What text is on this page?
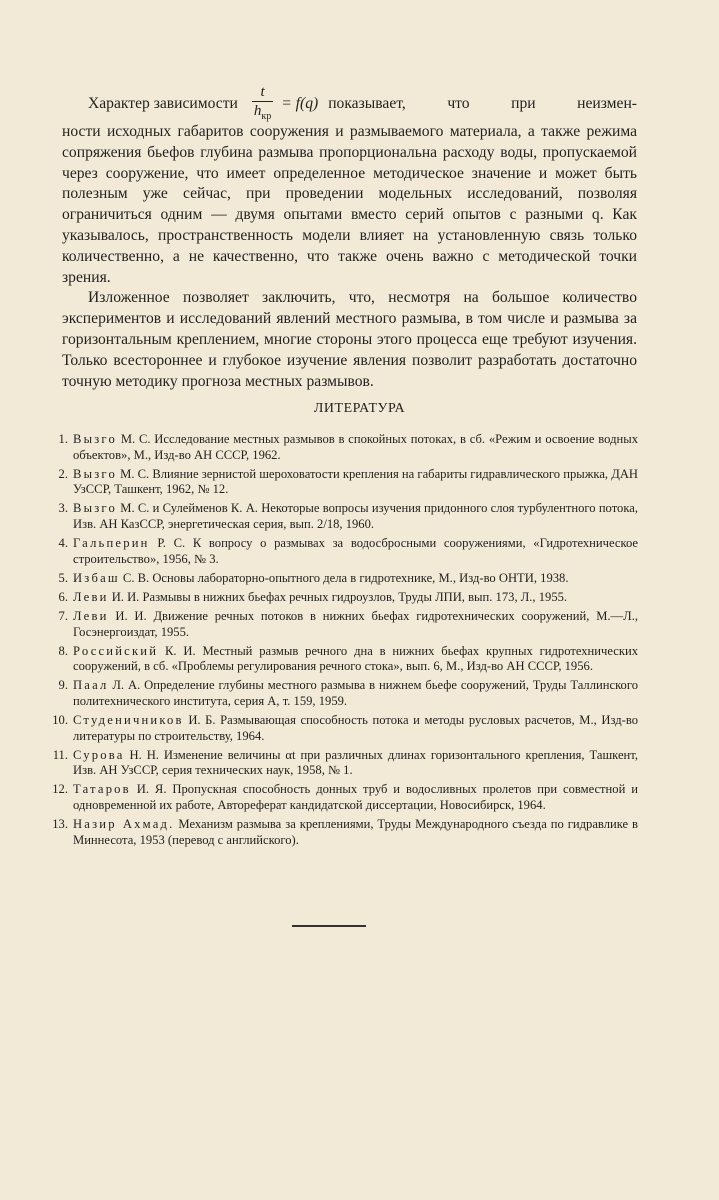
Характер зависимости $\frac{t}{h_{кр}} = f(q)$ показывает, что при неизмен-

ности исходных габаритов сооружения и размываемого материала, а также режима сопряжения бьефов глубина размыва пропорциональна расходу воды, пропускаемой через сооружение, что имеет определенное методическое значение и может быть полезным уже сейчас, при проведении модельных исследований, позволяя ограничиться одним — двумя опытами вместо серий опытов с разными q. Как указывалось, пространственность модели влияет на установленную связь только количественно, а не качественно, что также очень важно с методической точки зрения.

Изложенное позволяет заключить, что, несмотря на большое количество экспериментов и исследований явлений местного размыва, в том числе и размыва за горизонтальным креплением, многие стороны этого процесса еще требуют изучения. Только всестороннее и глубокое изучение явления позволит разработать достаточно точную методику прогноза местных размывов.

ЛИТЕРАТУРА
1. Вызго М. С. Исследование местных размывов в спокойных потоках, в сб. «Режим и освоение водных объектов», М., Изд-во АН СССР, 1962.
2. Вызго М. С. Влияние зернистой шероховатости крепления на габариты гидравлического прыжка, ДАН УзССР, Ташкент, 1962, № 12.
3. Вызго М. С. и Сулейменов К. А. Некоторые вопросы изучения придонного слоя турбулентного потока, Изв. АН КазССР, энергетическая серия, вып. 2/18, 1960.
4. Гальперин Р. С. К вопросу о размывах за водосбросными сооружениями, «Гидротехническое строительство», 1956, № 3.
5. Избаш С. В. Основы лабораторно-опытного дела в гидротехнике, М., Изд-во ОНТИ, 1938.
6. Леви И. И. Размывы в нижних бьефах речных гидроузлов, Труды ЛПИ, вып. 173, Л., 1955.
7. Леви И. И. Движение речных потоков в нижних бьефах гидротехнических сооружений, М.—Л., Госэнергоиздат, 1955.
8. Российский К. И. Местный размыв речного дна в нижних бьефах крупных гидротехнических сооружений, в сб. «Проблемы регулирования речного стока», вып. 6, М., Изд-во АН СССР, 1956.
9. Паал Л. А. Определение глубины местного размыва в нижнем бьефе сооружений, Труды Таллинского политехнического института, серия А, т. 159, 1959.
10. Студеничников И. Б. Размывающая способность потока и методы русловых расчетов, М., Изд-во литературы по строительству, 1964.
11. Сурова Н. Н. Изменение величины αt при различных длинах горизонтального крепления, Ташкент, Изв. АН УзССР, серия технических наук, 1958, № 1.
12. Татаров И. Я. Пропускная способность донных труб и водосливных пролетов при совместной и одновременной их работе, Автореферат кандидатской диссертации, Новосибирск, 1964.
13. Назир Ахмад. Механизм размыва за креплениями, Труды Международного съезда по гидравлике в Миннесота, 1953 (перевод с английского).
